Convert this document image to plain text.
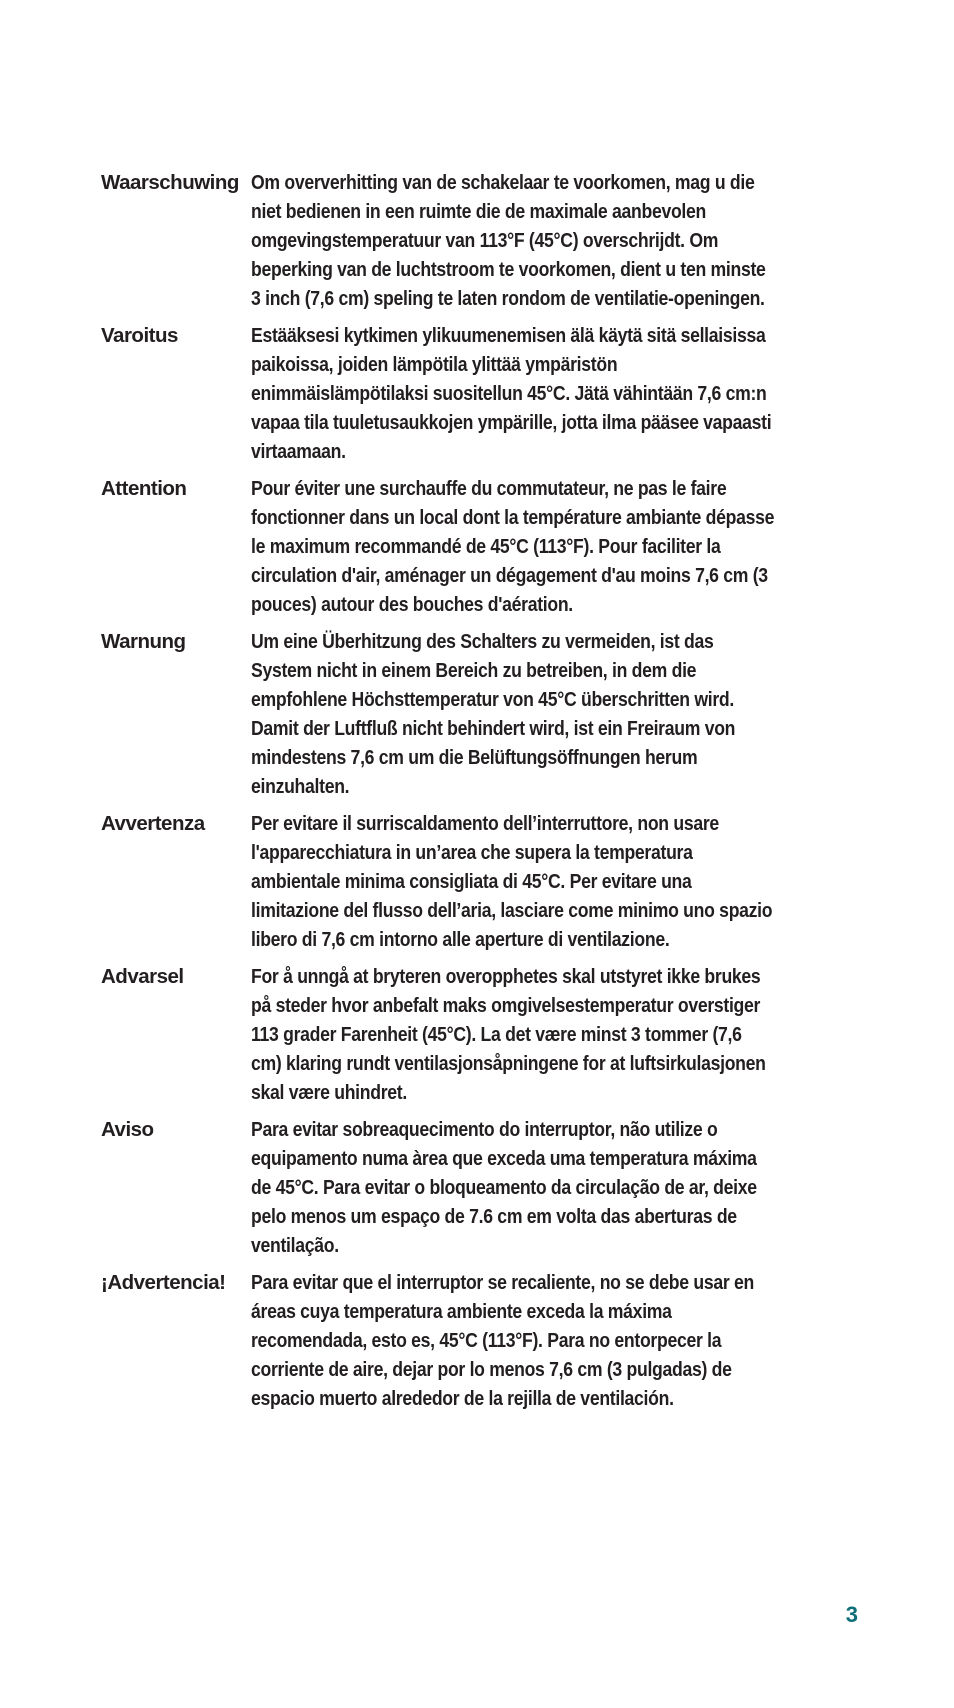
Waarschuwing Om oververhitting van de schakelaar te voorkomen, mag u die niet bedienen in een ruimte die de maximale aanbevolen omgevingstemperatuur van 113°F (45°C) overschrijdt. Om beperking van de luchtstroom te voorkomen, dient u ten minste 3 inch (7,6 cm) speling te laten rondom de ventilatie-openingen.
Varoitus	Estääksesi kytkimen ylikuumenemisen älä käytä sitä sellaisissa paikoissa, joiden lämpötila ylittää ympäristön enimmäislämpötilaksi suositellun 45°C. Jätä vähintään 7,6 cm:n vapaa tila tuuletusaukkojen ympärille, jotta ilma pääsee vapaasti virtaamaan.
Attention	Pour éviter une surchauffe du commutateur, ne pas le faire fonctionner dans un local dont la température ambiante dépasse le maximum recommandé de 45°C (113°F). Pour faciliter la circulation d'air, aménager un dégagement d'au moins 7,6 cm (3 pouces) autour des bouches d'aération.
Warnung	Um eine Überhitzung des Schalters zu vermeiden, ist das System nicht in einem Bereich zu betreiben, in dem die empfohlene Höchsttemperatur von 45°C überschritten wird. Damit der Luftfluß nicht behindert wird, ist ein Freiraum von mindestens 7,6 cm um die Belüftungsöffnungen herum einzuhalten.
Avvertenza	Per evitare il surriscaldamento dell’interruttore, non usare l'apparecchiatura in un’area che supera la temperatura ambientale minima consigliata di 45°C. Per evitare una limitazione del flusso dell’aria, lasciare come minimo uno spazio libero di 7,6 cm intorno alle aperture di ventilazione.
Advarsel	For å unngå at bryteren overopphetes skal utstyret ikke brukes på steder hvor anbefalt maks omgivelsestemperatur overstiger 113 grader Farenheit (45°C). La det være minst 3 tommer (7,6 cm) klaring rundt ventilasjonsåpningene for at luftsirkulasjonen skal være uhindret.
Aviso	Para evitar sobreaquecimento do interruptor, não utilize o equipamento numa àrea que exceda uma temperatura máxima de 45°C. Para evitar o bloqueamento da circulação de ar, deixe pelo menos um espaço de 7.6 cm em volta das aberturas de ventilação.
¡Advertencia!	Para evitar que el interruptor se recaliente, no se debe usar en áreas cuya temperatura ambiente exceda la máxima recomendada, esto es, 45°C (113°F). Para no entorpecer la corriente de aire, dejar por lo menos 7,6 cm (3 pulgadas) de espacio muerto alrededor de la rejilla de ventilación.
3
